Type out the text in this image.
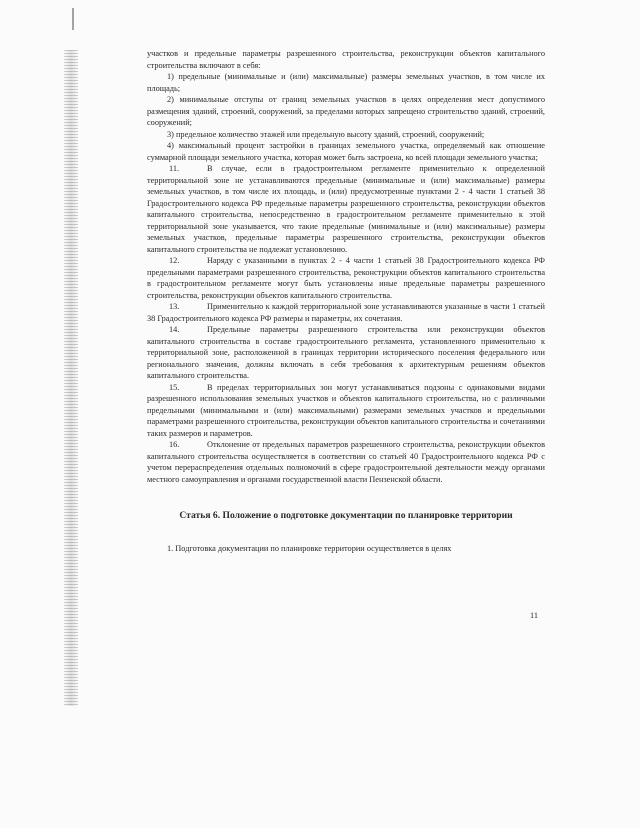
участков и предельные параметры разрешенного строительства, реконструкции объектов капитального строительства включают в себя:

1) предельные (минимальные и (или) максимальные) размеры земельных участков, в том числе их площадь;

2) минимальные отступы от границ земельных участков в целях определения мест допустимого размещения зданий, строений, сооружений, за пределами которых запрещено строительство зданий, строений, сооружений;

3) предельное количество этажей или предельную высоту зданий, строений, сооружений;

4) максимальный процент застройки в границах земельного участка, определяемый как отношение суммарной площади земельного участка, которая может быть застроена, ко всей площади земельного участка;

11.	В случае, если в градостроительном регламенте применительно к определенной территориальной зоне не устанавливаются предельные (минимальные и (или) максимальные) размеры земельных участков, в том числе их площадь, и (или) предусмотренные пунктами 2 - 4 части 1 статьей 38 Градостроительного кодекса РФ предельные параметры разрешенного строительства, реконструкции объектов капитального строительства, непосредственно в градостроительном регламенте применительно к этой территориальной зоне указывается, что такие предельные (минимальные и (или) максимальные) размеры земельных участков, предельные параметры разрешенного строительства, реконструкции объектов капитального строительства не подлежат установлению.

12.	Наряду с указанными в пунктах 2 - 4 части 1 статьей 38 Градостроительного кодекса РФ предельными параметрами разрешенного строительства, реконструкции объектов капитального строительства в градостроительном регламенте могут быть установлены иные предельные параметры разрешенного строительства, реконструкции объектов капитального строительства.

13.	Применительно к каждой территориальной зоне устанавливаются указанные в части 1 статьей 38 Градостроительного кодекса РФ размеры и параметры, их сочетания.

14.	Предельные параметры разрешенного строительства или реконструкции объектов капитального строительства в составе градостроительного регламента, установленного применительно к территориальной зоне, расположенной в границах территории исторического поселения федерального или регионального значения, должны включать в себя требования к архитектурным решениям объектов капитального строительства.

15.	В пределах территориальных зон могут устанавливаться подзоны с одинаковыми видами разрешенного использования земельных участков и объектов капитального строительства, но с различными предельными (минимальными и (или) максимальными) размерами земельных участков и предельными параметрами разрешенного строительства, реконструкции объектов капитального строительства и сочетаниями таких размеров и параметров.

16.	Отклонение от предельных параметров разрешенного строительства, реконструкции объектов капитального строительства осуществляется в соответствии со статьей 40 Градостроительного кодекса РФ с учетом перераспределения отдельных полномочий в сфере градостроительной деятельности между органами местного самоуправления и органами государственной власти Пензенской области.

Статья 6. Положение о подготовке документации по планировке территории

1. Подготовка документации по планировке территории осуществляется в целях

11
